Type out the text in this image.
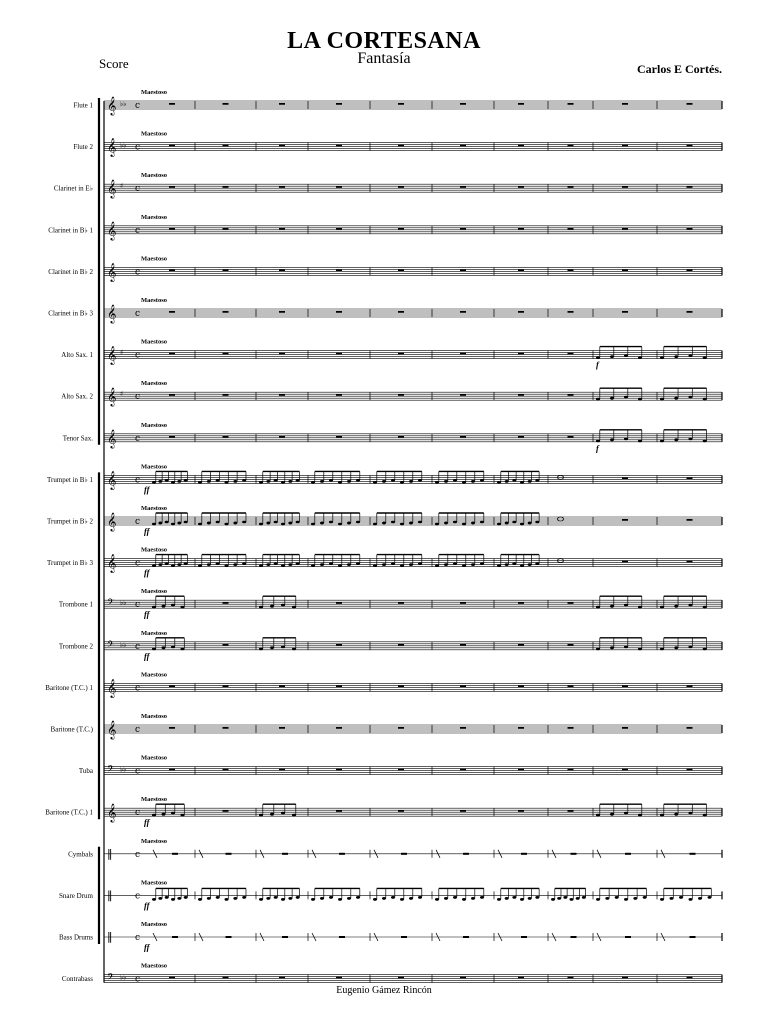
LA CORTESANA
Fantasía
Score	Carlos E Cortés.
Flute 1 𝄞 ♭♭ c
Maestoso
Flute 2 𝄞 ♭♭ c
Maestoso
Clarinet in E♭ 𝄞 ♯ c
Maestoso
Clarinet in B♭ 1 𝄞 c
Maestoso
Clarinet in B♭ 2 𝄞 c
Maestoso
Clarinet in B♭ 3 𝄞 c
Maestoso
Alto Sax. 1 𝄞 ♯ c
Maestoso
f
Alto Sax. 2 𝄞 ♯ c
Maestoso
Tenor Sax. 𝄞 c
Maestoso
f
Trumpet in B♭ 1 𝄞 c
Maestoso
ff
Trumpet in B♭ 2 𝄞 c
Maestoso
ff
Trumpet in B♭ 3 𝄞 c
Maestoso
ff
Trombone 1 𝄢 ♭♭ c
Maestoso
ff
Trombone 2 𝄢 ♭♭ c
Maestoso
ff
Baritone (T.C.) 1 𝄞 c
Maestoso
Baritone (T.C.) 𝄞 c
Maestoso
Tuba 𝄢 ♭♭ c
Maestoso
Baritone (T.C.) 1 𝄞 c
Maestoso
ff
Cymbals ‖	c
Maestoso
Snare Drum ‖	c
Maestoso
ff
Bass Drums ‖	c
Maestoso
ff
Contrabass 𝄢 ♭♭ c
Maestoso
Eugenio Gámez Rincón
